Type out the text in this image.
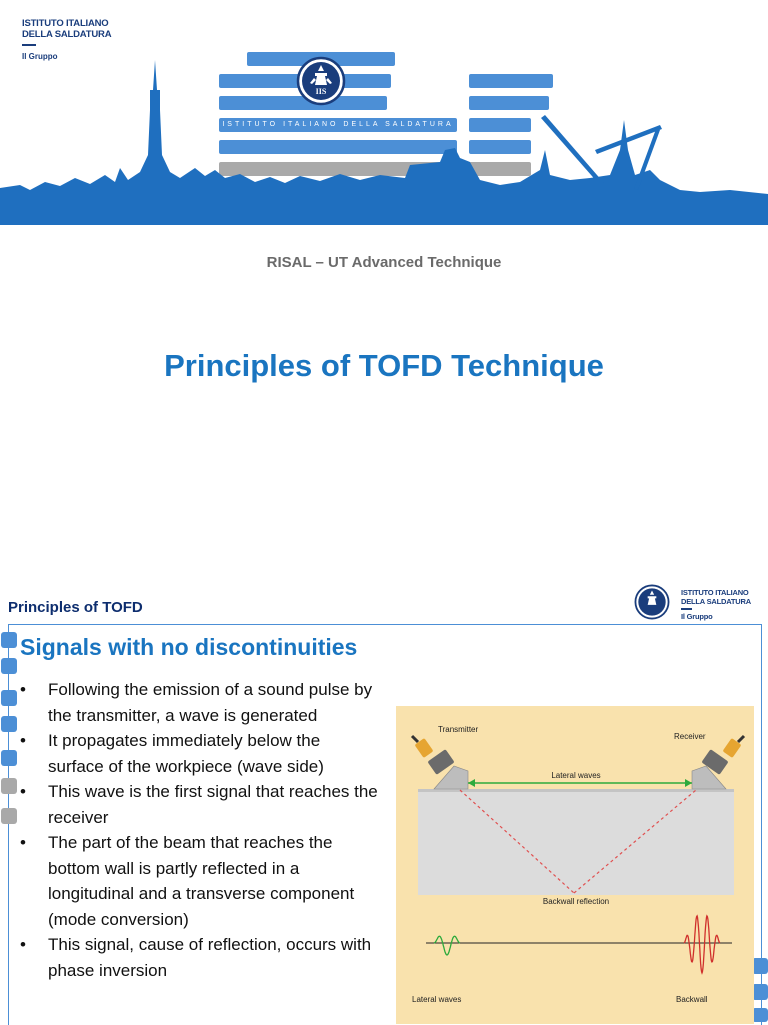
ISTITUTO ITALIANO
DELLA SALDATURA
Il Gruppo
ISTITUTO ITALIANO DELLA SALDATURA
IIS
RISAL – UT Advanced Technique
Principles of TOFD Technique
Principles of TOFD
ISTITUTO ITALIANO
DELLA SALDATURA
Il Gruppo
Signals with no discontinuities
• Following the emission of a sound pulse by the transmitter, a wave is generated
• It propagates immediately below the surface of the workpiece (wave side)
• This wave is the first signal that reaches the receiver
• The part of the beam that reaches the bottom wall is partly reflected in a longitudinal and a transverse component (mode conversion)
• This signal, cause of reflection, occurs with phase inversion
Transmitter
Receiver
Lateral waves
Backwall reflection
Lateral waves	Backwall
